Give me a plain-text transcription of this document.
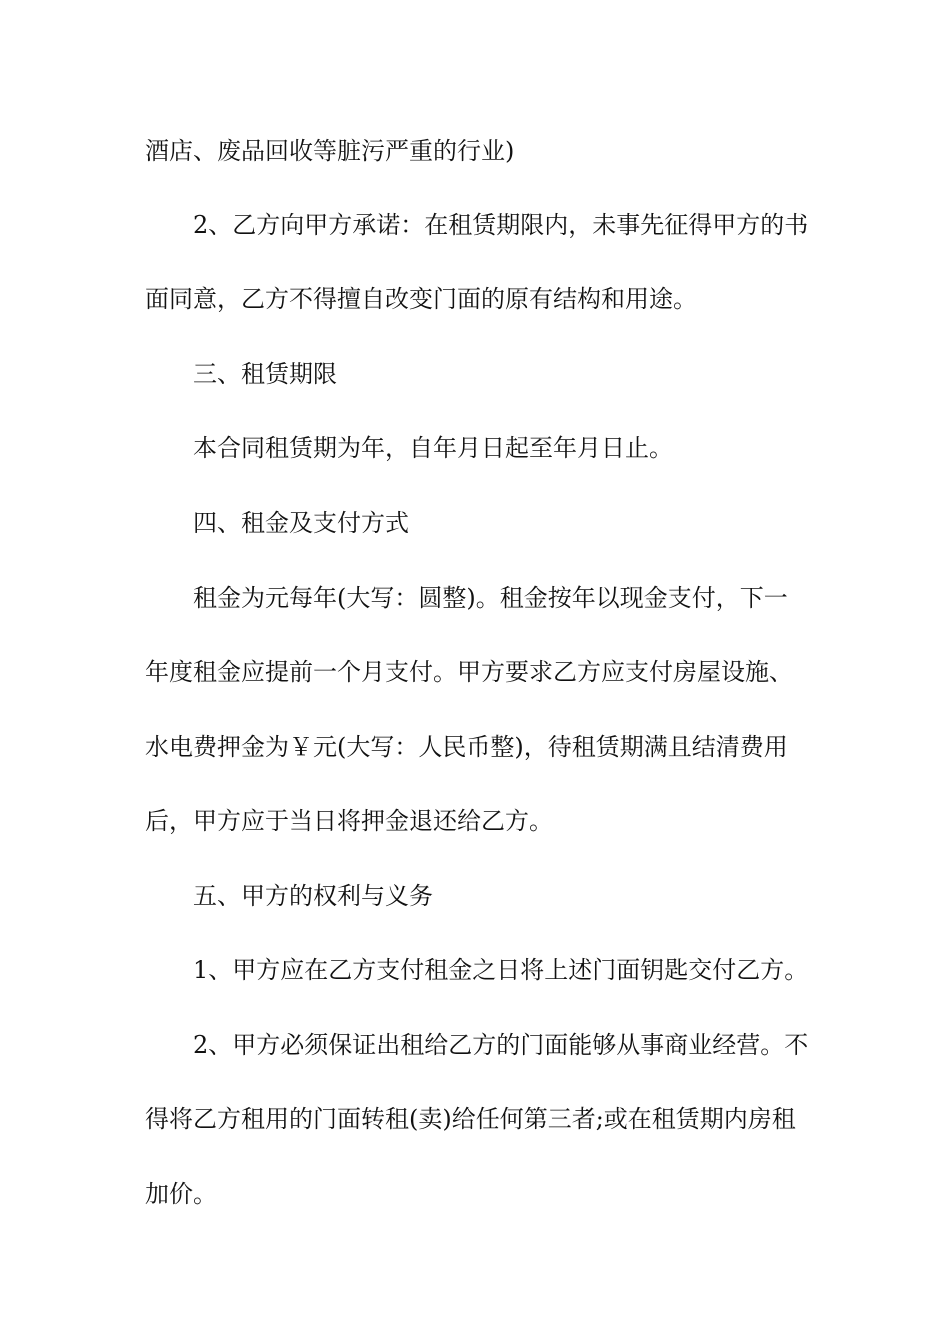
酒店、废品回收等脏污严重的行业)
2、乙方向甲方承诺：在租赁期限内，未事先征得甲方的书
面同意，乙方不得擅自改变门面的原有结构和用途。
三、租赁期限
本合同租赁期为年，自年月日起至年月日止。
四、租金及支付方式
租金为元每年(大写：圆整)。租金按年以现金支付，下一
年度租金应提前一个月支付。甲方要求乙方应支付房屋设施、
水电费押金为￥元(大写：人民币整)，待租赁期满且结清费用
后，甲方应于当日将押金退还给乙方。
五、甲方的权利与义务
1、甲方应在乙方支付租金之日将上述门面钥匙交付乙方。
2、甲方必须保证出租给乙方的门面能够从事商业经营。不
得将乙方租用的门面转租(卖)给任何第三者;或在租赁期内房租
加价。
